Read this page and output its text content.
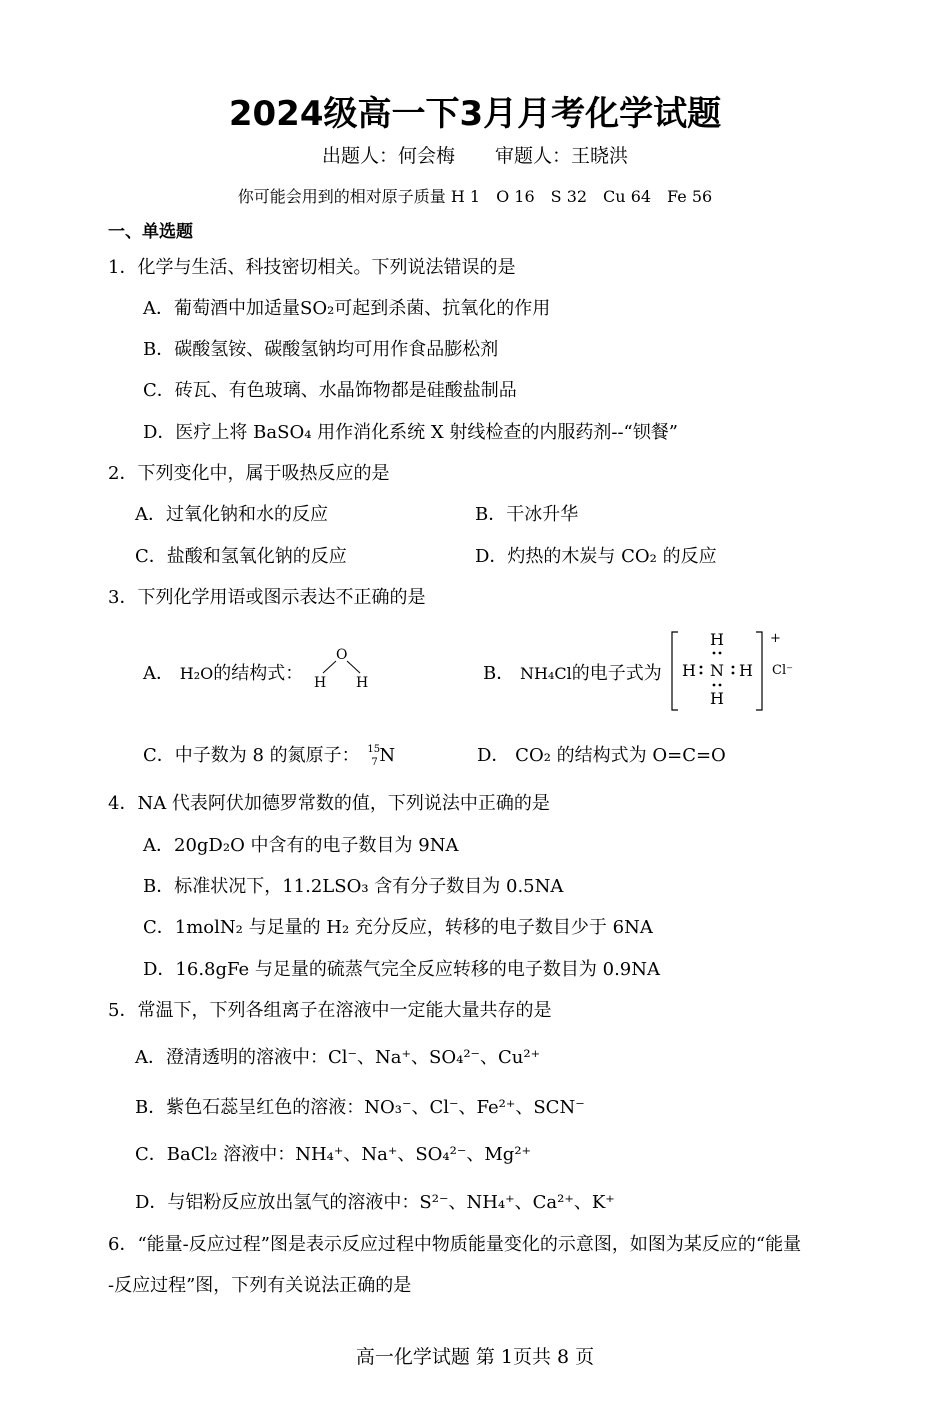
2024级高一下3月月考化学试题
出题人：何会梅 审题人：王晓洪
你可能会用到的相对原子质量 H 1　O 16　S 32　Cu 64　Fe 56
一、单选题
1．化学与生活、科技密切相关。下列说法错误的是
A．葡萄酒中加适量SO₂可起到杀菌、抗氧化的作用
B．碳酸氢铵、碳酸氢钠均可用作食品膨松剂
C．砖瓦、有色玻璃、水晶饰物都是硅酸盐制品
D．医疗上将 BaSO₄ 用作消化系统 X 射线检查的内服药剂--“钡餐”
2．下列变化中，属于吸热反应的是
A．过氧化钠和水的反应	B．干冰升华
C．盐酸和氢氧化钠的反应	D．灼热的木炭与 CO₂ 的反应
3．下列化学用语或图示表达不正确的是
A． H₂O的结构式：
O
H H	B． NH₄Cl的电子式为
H
H N H
H
+
Cl⁻
C．中子数为 8 的氮原子： 15
7 N	D． CO₂ 的结构式为 O=C=O
4．NA 代表阿伏加德罗常数的值，下列说法中正确的是
A．20gD₂O 中含有的电子数目为 9NA
B．标准状况下，11.2LSO₃ 含有分子数目为 0.5NA
C．1molN₂ 与足量的 H₂ 充分反应，转移的电子数目少于 6NA
D．16.8gFe 与足量的硫蒸气完全反应转移的电子数目为 0.9NA
5．常温下，下列各组离子在溶液中一定能大量共存的是
A．澄清透明的溶液中：Cl⁻、Na⁺、SO₄²⁻、Cu²⁺
B．紫色石蕊呈红色的溶液：NO₃⁻、Cl⁻、Fe²⁺、SCN⁻
C．BaCl₂ 溶液中：NH₄⁺、Na⁺、SO₄²⁻、Mg²⁺
D．与铝粉反应放出氢气的溶液中：S²⁻、NH₄⁺、Ca²⁺、K⁺
6．“能量-反应过程”图是表示反应过程中物质能量变化的示意图，如图为某反应的“能量
-反应过程”图，下列有关说法正确的是
高一化学试题 第 1页共 8 页
